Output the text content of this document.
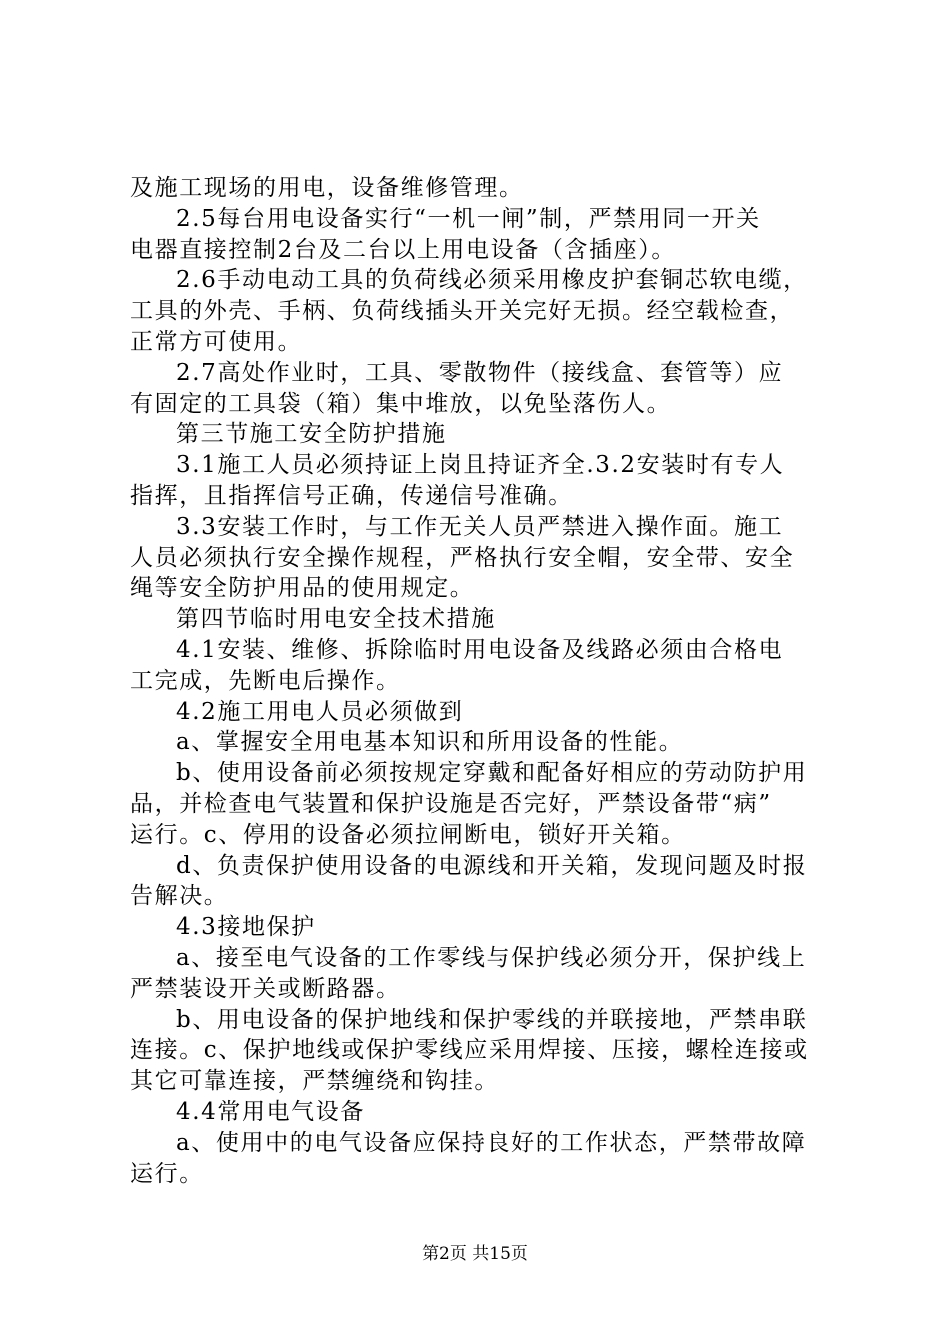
及施工现场的用电，设备维修管理。
2.5每台用电设备实行“一机一闸”制，严禁用同一开关
电器直接控制2台及二台以上用电设备（含插座）。
2.6手动电动工具的负荷线必须采用橡皮护套铜芯软电缆，
工具的外壳、手柄、负荷线插头开关完好无损。经空载检查，
正常方可使用。
2.7高处作业时，工具、零散物件（接线盒、套管等）应
有固定的工具袋（箱）集中堆放，以免坠落伤人。
第三节施工安全防护措施
3.1施工人员必须持证上岗且持证齐全.3.2安装时有专人
指挥，且指挥信号正确，传递信号准确。
3.3安装工作时，与工作无关人员严禁进入操作面。施工
人员必须执行安全操作规程，严格执行安全帽，安全带、安全
绳等安全防护用品的使用规定。
第四节临时用电安全技术措施
4.1安装、维修、拆除临时用电设备及线路必须由合格电
工完成，先断电后操作。
4.2施工用电人员必须做到
a、掌握安全用电基本知识和所用设备的性能。
b、使用设备前必须按规定穿戴和配备好相应的劳动防护用
品，并检查电气装置和保护设施是否完好，严禁设备带“病”
运行。c、停用的设备必须拉闸断电，锁好开关箱。
d、负责保护使用设备的电源线和开关箱，发现问题及时报
告解决。
4.3接地保护
a、接至电气设备的工作零线与保护线必须分开，保护线上
严禁装设开关或断路器。
b、用电设备的保护地线和保护零线的并联接地，严禁串联
连接。c、保护地线或保护零线应采用焊接、压接，螺栓连接或
其它可靠连接，严禁缠绕和钩挂。
4.4常用电气设备
a、使用中的电气设备应保持良好的工作状态，严禁带故障
运行。
第2页 共15页
